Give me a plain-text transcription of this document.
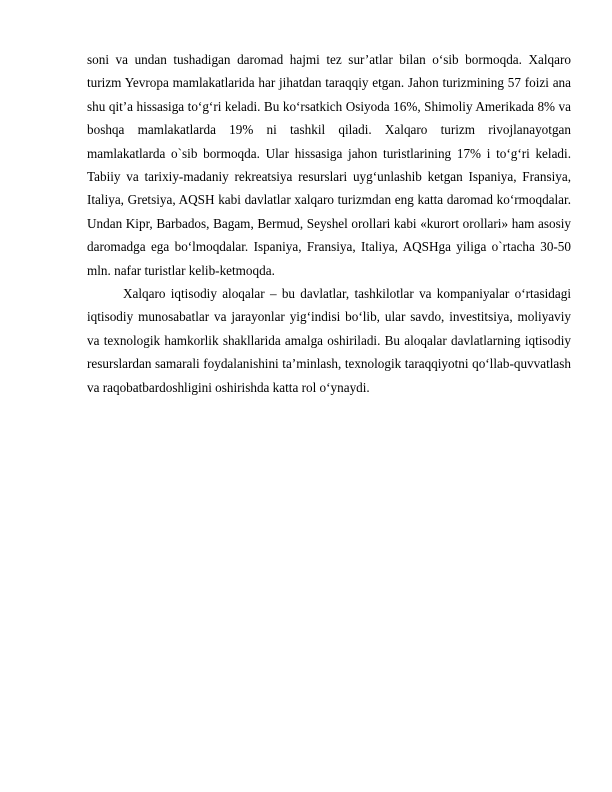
soni va undan tushadigan daromad hajmi tez sur’atlar bilan o‘sib bormoqda. Xalqaro turizm Yevropa mamlakatlarida har jihatdan taraqqiy etgan. Jahon turizmining 57 foizi ana shu qit’a hissasiga to‘g‘ri keladi. Bu ko‘rsatkich Osiyoda 16%, Shimoliy Amerikada 8% va boshqa mamlakatlarda 19% ni tashkil qiladi. Xalqaro turizm rivojlanayotgan mamlakatlarda o`sib bormoqda. Ular hissasiga jahon turistlarining 17% i to‘g‘ri keladi. Tabiiy va tarixiy-madaniy rekreatsiya resurslari uyg‘unlashib ketgan Ispaniya, Fransiya, Italiya, Gretsiya, AQSH kabi davlatlar xalqaro turizmdan eng katta daromad ko‘rmoqdalar. Undan Kipr, Barbados, Bagam, Bermud, Seyshel orollari kabi «kurort orollari» ham asosiy daromadga ega bo‘lmoqdalar. Ispaniya, Fransiya, Italiya, AQSHga yiliga o`rtacha 30-50 mln. nafar turistlar kelib-ketmoqda.

Xalqaro iqtisodiy aloqalar – bu davlatlar, tashkilotlar va kompaniyalar o‘rtasidagi iqtisodiy munosabatlar va jarayonlar yig‘indisi bo‘lib, ular savdo, investitsiya, moliyaviy va texnologik hamkorlik shakllarida amalga oshiriladi. Bu aloqalar davlatlarning iqtisodiy resurslardan samarali foydalanishini ta’minlash, texnologik taraqqiyotni qo‘llab-quvvatlash va raqobatbardoshligini oshirishda katta rol o‘ynaydi.
